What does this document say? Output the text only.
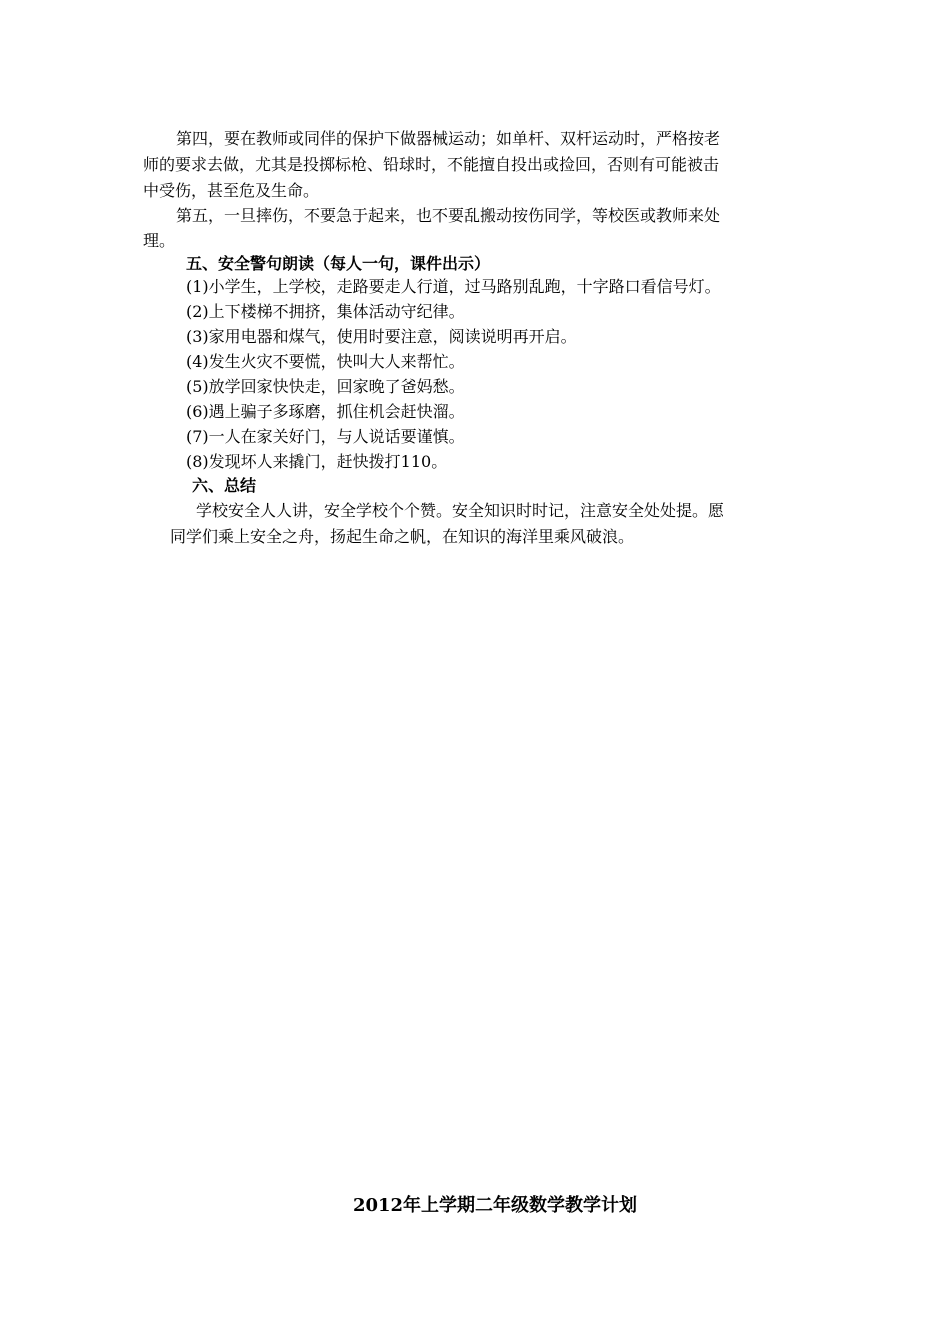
第四，要在教师或同伴的保护下做器械运动；如单杆、双杆运动时，严格按老
师的要求去做，尤其是投掷标枪、铅球时，不能擅自投出或捡回，否则有可能被击
中受伤，甚至危及生命。
第五，一旦摔伤，不要急于起来，也不要乱搬动按伤同学，等校医或教师来处
理。
五、安全警句朗读（每人一句，课件出示）
(1)小学生，上学校，走路要走人行道，过马路别乱跑，十字路口看信号灯。
(2)上下楼梯不拥挤，集体活动守纪律。
(3)家用电器和煤气，使用时要注意，阅读说明再开启。
(4)发生火灾不要慌，快叫大人来帮忙。
(5)放学回家快快走，回家晚了爸妈愁。
(6)遇上骗子多琢磨，抓住机会赶快溜。
(7)一人在家关好门，与人说话要谨慎。
(8)发现坏人来撬门，赶快拨打110。
六、总结
学校安全人人讲，安全学校个个赞。安全知识时时记，注意安全处处提。愿
同学们乘上安全之舟，扬起生命之帆，在知识的海洋里乘风破浪。
2012年上学期二年级数学教学计划
